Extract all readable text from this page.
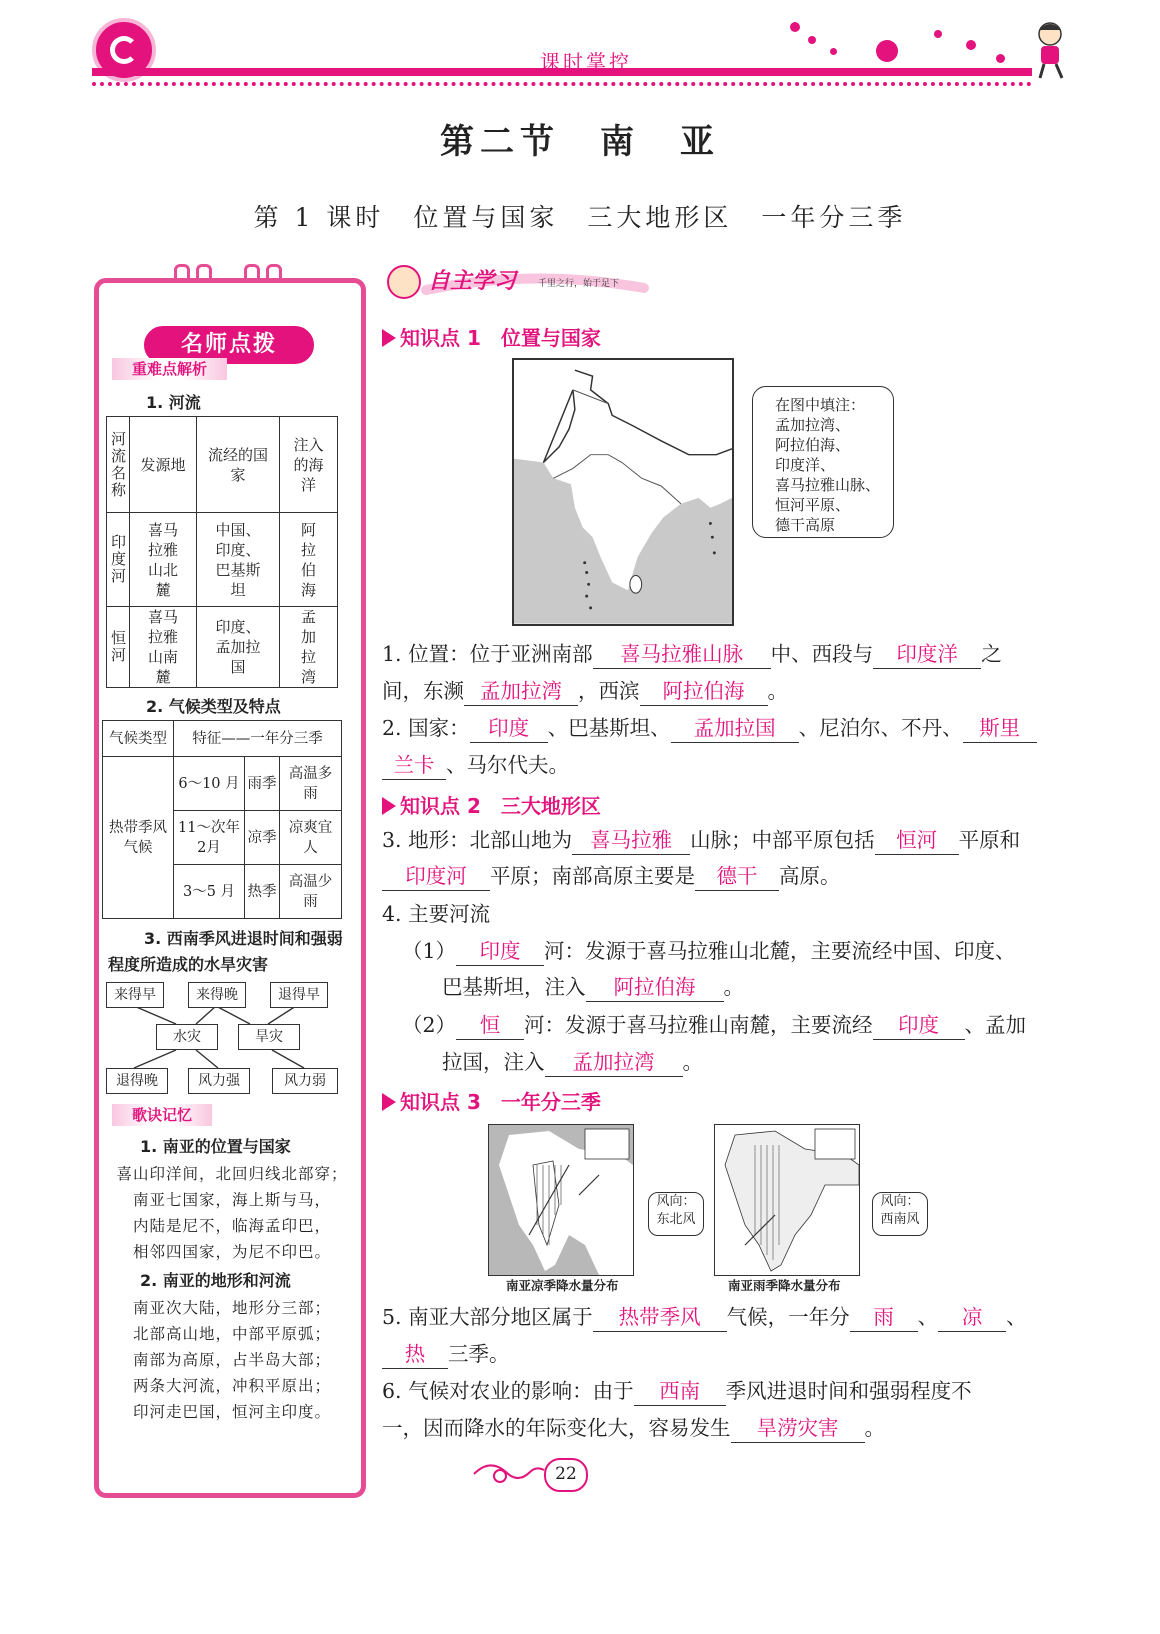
课时掌控
第二节　南　亚
第 1 课时　位置与国家　三大地形区　一年分三季
名师点拨
重难点解析
1. 河流
河流名称	发源地	流经的国家	注入的海洋

印度河	喜马拉雅山北麓	中国、印度、巴基斯坦	阿拉伯海

恒河	喜马拉雅山南麓	印度、孟加拉国	孟加拉湾
2. 气候类型及特点
气候类型	特征——一年分三季		
热带季风气候	6～10 月	雨季	高温多雨
	11～次年2月	凉季	凉爽宜人
	3～5 月	热季	高温少雨
3. 西南季风进退时间和强弱程度所造成的水旱灾害
来得早	来得晚	退得早
水灾	旱灾
退得晚	风力强	风力弱
歌诀记忆
1. 南亚的位置与国家
喜山印洋间，北回归线北部穿；
南亚七国家，海上斯与马，
内陆是尼不，临海孟印巴，
相邻四国家，为尼不印巴。
2. 南亚的地形和河流
南亚次大陆，地形分三部；
北部高山地，中部平原弧；
南部为高原，占半岛大部；
两条大河流，冲积平原出；
印河走巴国，恒河主印度。
自主学习 千里之行，始于足下
知识点 1　位置与国家
在图中填注：
孟加拉湾、
阿拉伯海、
印度洋、
喜马拉雅山脉、
恒河平原、
德干高原
1. 位置：位于亚洲南部 喜马拉雅山脉 中、西段与 印度洋 之
间，东濒 孟加拉湾 ，西滨 阿拉伯海 。
2. 国家： 印度 、巴基斯坦、 孟加拉国 、尼泊尔、不丹、 斯里
兰卡 、马尔代夫。
知识点 2　三大地形区
3. 地形：北部山地为 喜马拉雅 山脉；中部平原包括 恒河 平原和
印度河 平原；南部高原主要是 德干 高原。
4. 主要河流
（1） 印度 河：发源于喜马拉雅山北麓，主要流经中国、印度、
巴基斯坦，注入 阿拉伯海 。
（2） 恒 河：发源于喜马拉雅山南麓，主要流经 印度 、孟加
拉国，注入 孟加拉湾 。
知识点 3　一年分三季
风向：
东北风
南亚凉季降水量分布
风向：
西南风
南亚雨季降水量分布
5. 南亚大部分地区属于 热带季风 气候，一年分 雨 、 凉 、
热 三季。
6. 气候对农业的影响：由于 西南 季风进退时间和强弱程度不
一，因而降水的年际变化大，容易发生 旱涝灾害 。
22
